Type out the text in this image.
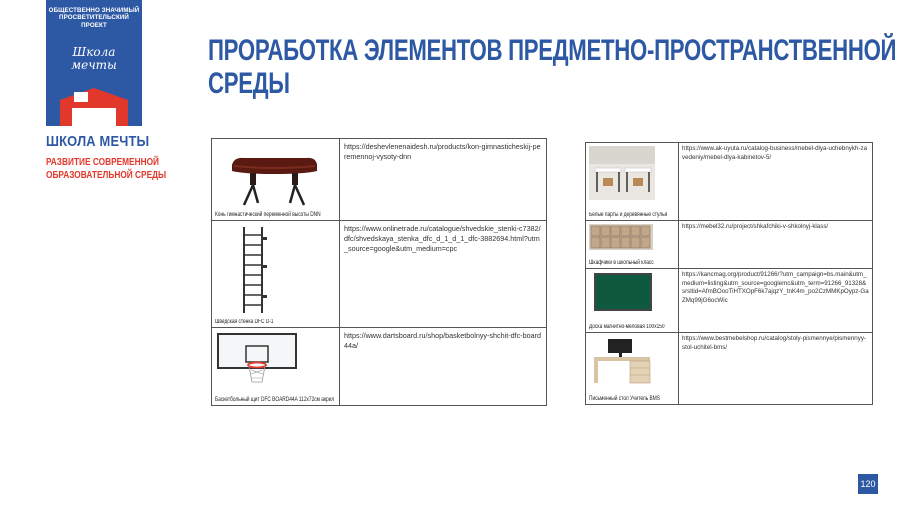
ОБЩЕСТВЕННО ЗНАЧИМЫЙ
ПРОСВЕТИТЕЛЬСКИЙ ПРОЕКТ
Школа
мечты
ШКОЛА МЕЧТЫ
РАЗВИТИЕ СОВРЕМЕННОЙ
ОБРАЗОВАТЕЛЬНОЙ СРЕДЫ
ПРОРАБОТКА ЭЛЕМЕНТОВ ПРЕДМЕТНО-ПРОСТРАНСТВЕННОЙ
СРЕДЫ
Конь гимнастический переменной высоты DNN	https://deshevlenenaidesh.ru/products/kon-gimnasticheskij-peremennoj-vysoty-dnn

Шведская стенка DFC D-1	https://www.onlinetrade.ru/catalogue/shvedskie_stenki-c7382/dfc/shvedskaya_stenka_dfc_d_1_d_1_dfc-3882694.html?utm_source=google&utm_medium=cpc

Баскетбольный щит DFC BOARD44A 112х72см акрил	https://www.dartsboard.ru/shop/basketbolnyy-shchit-dfc-board44a/
Белые парты и деревянные стулья	https://www.ak-uyuta.ru/catalog-business/mebel-dlya-uchebnykh-zavedeniy/mebel-dlya-kabinetov-5/

Шкафчики в школьный класс	https://mebel32.ru/project/shkafchiki-v-shkolnyj-klass/

Доска магнитно-меловая 100х150	https://kancmag.org/product/91266/?utm_campaign=bs.main&utm_medium=listing&utm_source=googlemc&utm_term=91266_91328&srsltid=AfmBOooTiHTXOpF6k7ajqzY_tnK4m_po2CzMMKpOypz-GaZMq99jG6ocWic

Письменный стол Учитель BMS	https://www.bestmebelshop.ru/catalog/stoly-pismennye/pismennyy-stol-uchitel-bms/
120
